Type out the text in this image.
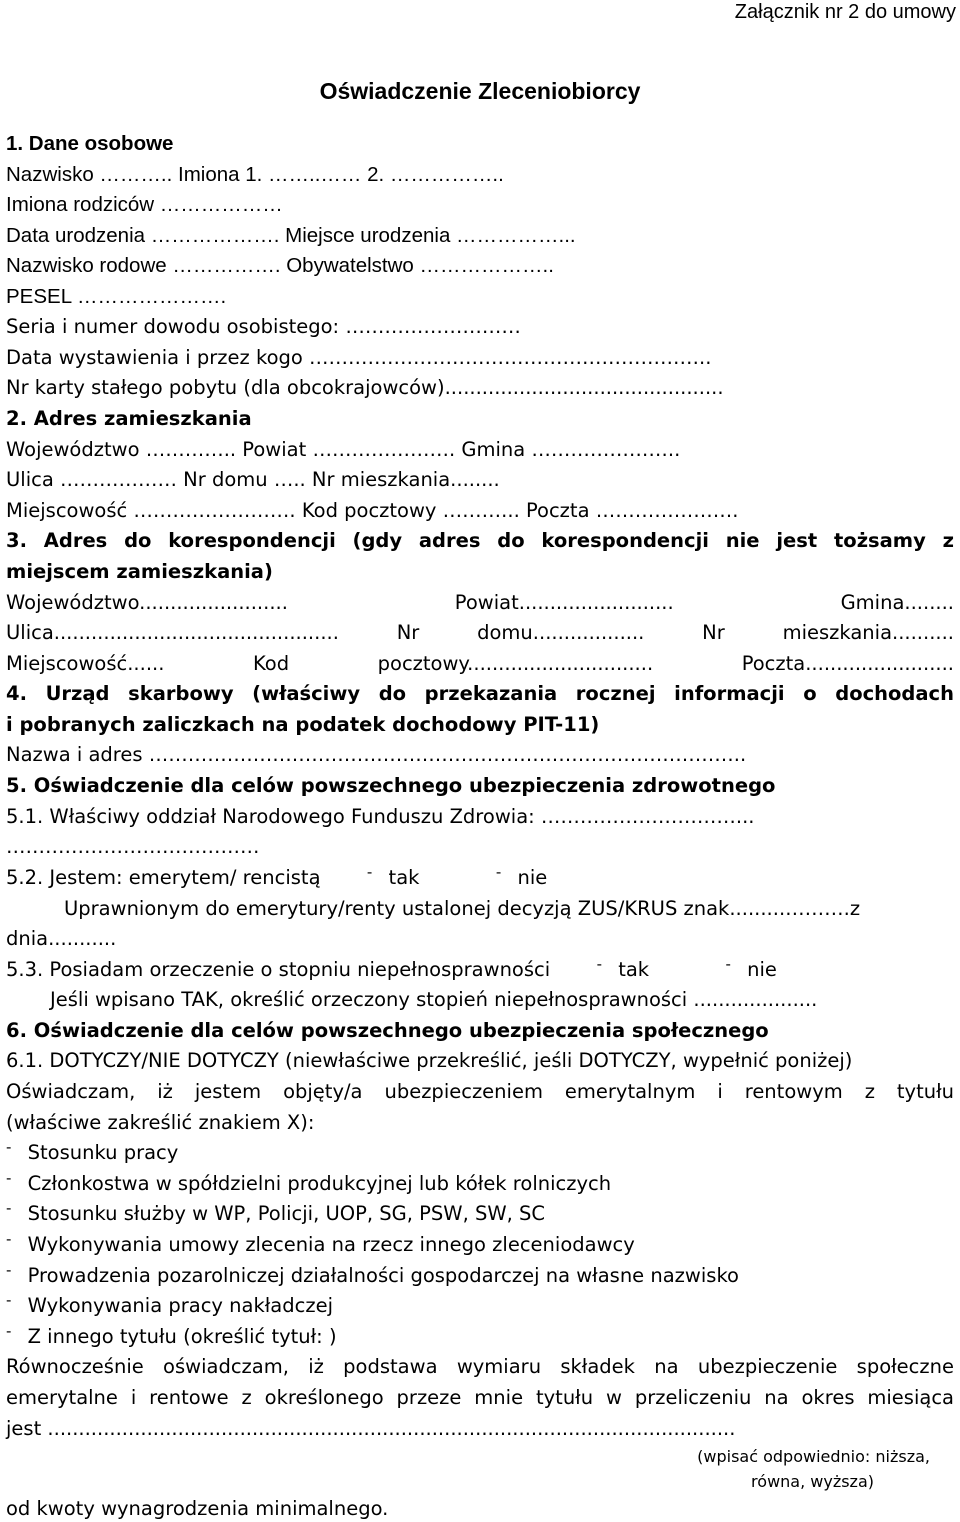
Załącznik nr 2 do umowy
Oświadczenie Zleceniobiorcy
1. Dane osobowe
Nazwisko ……….. Imiona 1. ……..…… 2. ……………..
Imiona rodziców ………………
Data urodzenia ………………. Miejsce urodzenia ……………...
Nazwisko rodowe ……………. Obywatelstwo ………………..
PESEL ………………….
Seria i numer dowodu osobistego: ………………………
Data wystawienia i przez kogo ……………………………………………………..
Nr karty stałego pobytu (dla obcokrajowców).............................................
2. Adres zamieszkania
Województwo ………….. Powiat …………………. Gmina …………………..
Ulica ……………… Nr domu ….. Nr mieszkania........
Miejscowość ……………………. Kod pocztowy ………... Poczta ………………….
3. Adres do korespondencji (gdy adres do korespondencji nie jest tożsamy z
miejscem zamieszkania)
Województwo........................ Powiat......................... Gmina........
Ulica.............................................. Nr domu.................. Nr mieszkania..........
Miejscowość...... Kod pocztowy.............................. Poczta........................
4. Urząd skarbowy (właściwy do przekazania rocznej informacji o dochodach
i pobranych zaliczkach na podatek dochodowy PIT-11)
Nazwa i adres ………………………………………………………………………………..
5. Oświadczenie dla celów powszechnego ubezpieczenia zdrowotnego
5.1. Właściwy oddział Narodowego Funduszu Zdrowia: …………………………...
…………………………………
5.2. Jestem: emerytem/ rencistą	- tak	- nie
Uprawnionym do emerytury/renty ustalonej decyzją ZUS/KRUS znak.........……….z
dnia...........
5.3. Posiadam orzeczenie o stopniu niepełnosprawności	- tak	- nie
Jeśli wpisano TAK, określić orzeczony stopień niepełnosprawności ....................
6. Oświadczenie dla celów powszechnego ubezpieczenia społecznego
6.1. DOTYCZY/NIE DOTYCZY (niewłaściwe przekreślić, jeśli DOTYCZY, wypełnić poniżej)
Oświadczam, iż jestem objęty/a ubezpieczeniem emerytalnym i rentowym z tytułu
(właściwe zakreślić znakiem X):
- Stosunku pracy
- Członkostwa w spółdzielni produkcyjnej lub kółek rolniczych
- Stosunku służby w WP, Policji, UOP, SG, PSW, SW, SC
- Wykonywania umowy zlecenia na rzecz innego zleceniodawcy
- Prowadzenia pozarolniczej działalności gospodarczej na własne nazwisko
- Wykonywania pracy nakładczej
- Z innego tytułu (określić tytuł: )
Równocześnie oświadczam, iż podstawa wymiaru składek na ubezpieczenie społeczne
emerytalne i rentowe z określonego przeze mnie tytułu w przeliczeniu na okres miesiąca
jest ...............................................................................................................
(wpisać odpowiednio: niższa,
równa, wyższa)
od kwoty wynagrodzenia minimalnego.
